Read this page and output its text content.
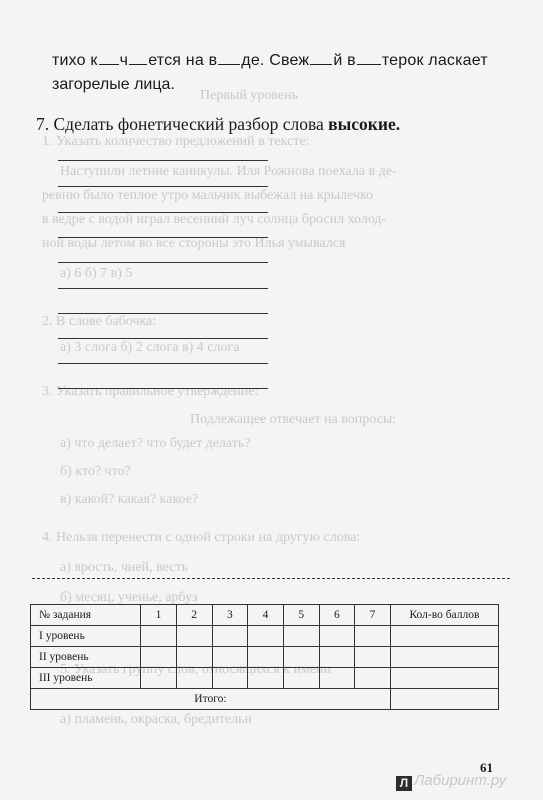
Первый уровень
1. Указать количество предложений в тексте:
Наступили летние каникулы. Иля Рожнова поехала в де-
ревню было теплое утро мальчик выбежал на крылечко
в ведре с водой играл весенний луч солнца бросил холод-
ной воды летом во все стороны это Илья умывался
а) 6 б) 7 в) 5
2. В слове бабочка:
а) 3 слога б) 2 слога в) 4 слога
3. Указать правильное утверждение:
Подлежащее отвечает на вопросы:
а) что делает? что будет делать?
б) кто? что?
в) какой? какая? какое?
4. Нельзя перенести с одной строки на другую слова:
а) ярость, чней, весть
б) месяц, ученье, арбуз
5. Указать группу слов, относящихся к имени
а) пламень, окраска, бредительн
тихо к ч ется на в де. Свеж й в терок ласкает
загорелые лица.
7. Сделать фонетический разбор слова высокие.
№ задания	1	2	3	4	5	6	7	Кол-во баллов
I уровень								
II уровень								
III уровень								
Итого:								
61
Л Лабиринт.ру
